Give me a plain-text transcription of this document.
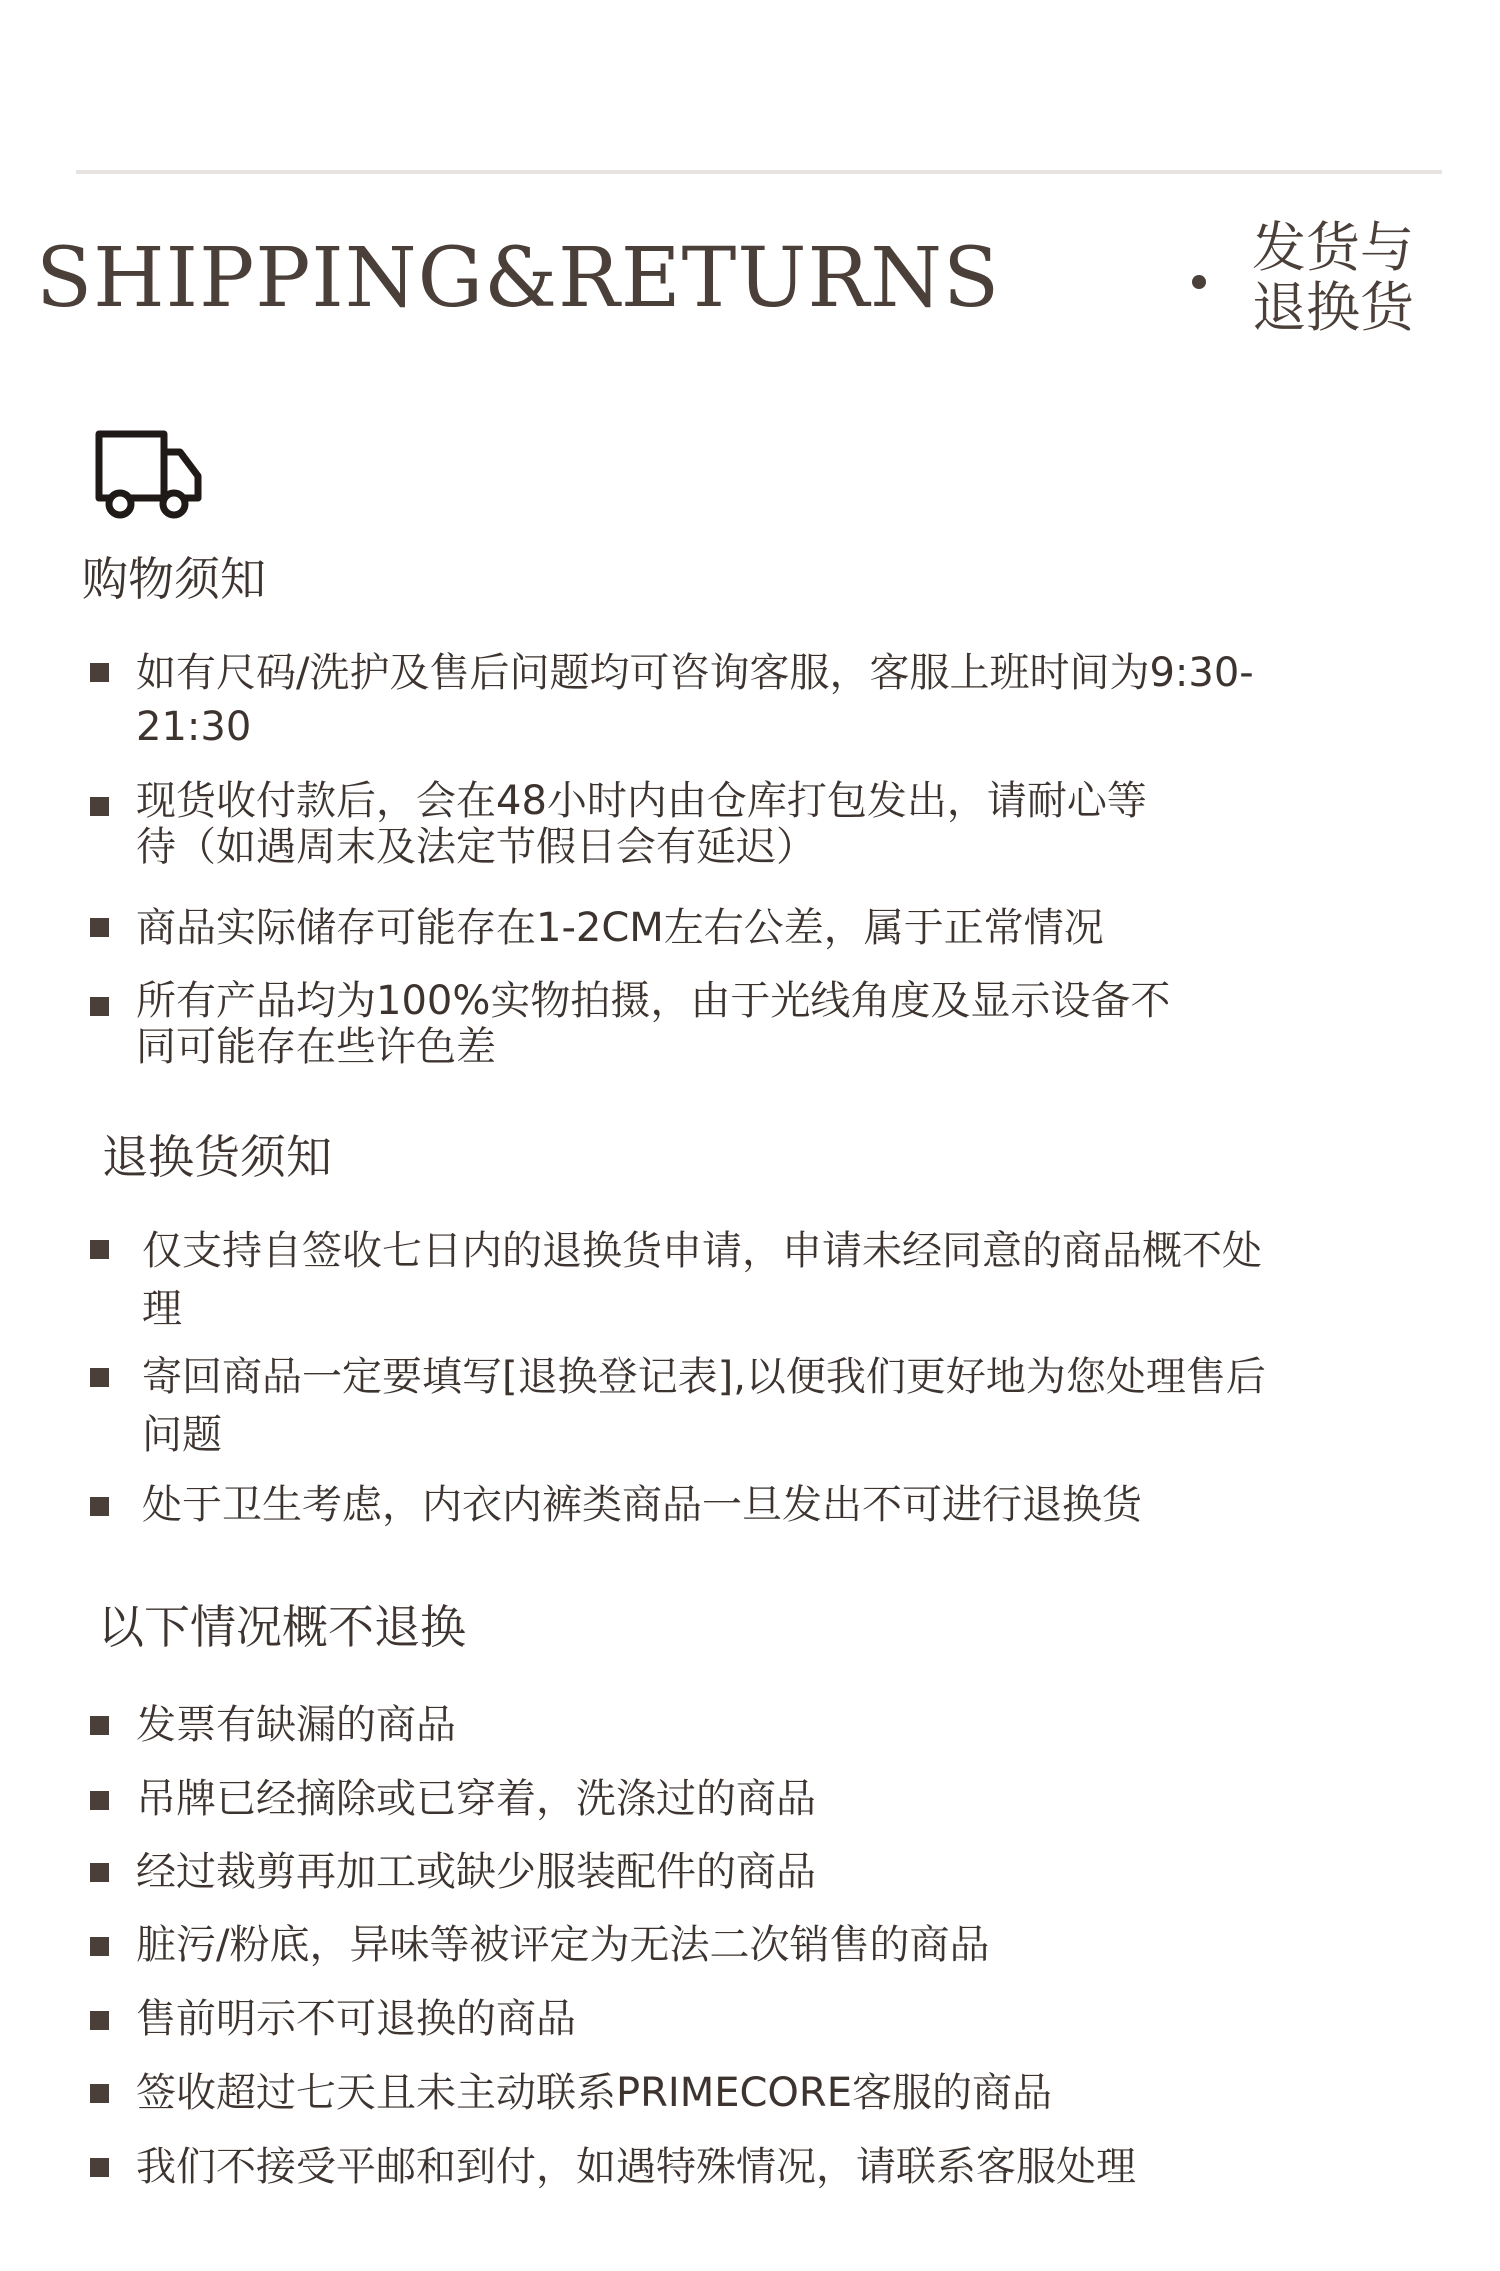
SHIPPING&RETURNS	发货与退换货
购物须知
如有尺码/洗护及售后问题均可咨询客服，客服上班时间为9:30-21:30
现货收付款后，会在48小时内由仓库打包发出，请耐心等待（如遇周末及法定节假日会有延迟）
商品实际储存可能存在1-2CM左右公差，属于正常情况
所有产品均为100%实物拍摄，由于光线角度及显示设备不同可能存在些许色差
退换货须知
仅支持自签收七日内的退换货申请，申请未经同意的商品概不处理
寄回商品一定要填写[退换登记表],以便我们更好地为您处理售后问题
处于卫生考虑，内衣内裤类商品一旦发出不可进行退换货
以下情况概不退换
发票有缺漏的商品
吊牌已经摘除或已穿着，洗涤过的商品
经过裁剪再加工或缺少服装配件的商品
脏污/粉底，异味等被评定为无法二次销售的商品
售前明示不可退换的商品
签收超过七天且未主动联系PRIMECORE客服的商品
我们不接受平邮和到付，如遇特殊情况，请联系客服处理
